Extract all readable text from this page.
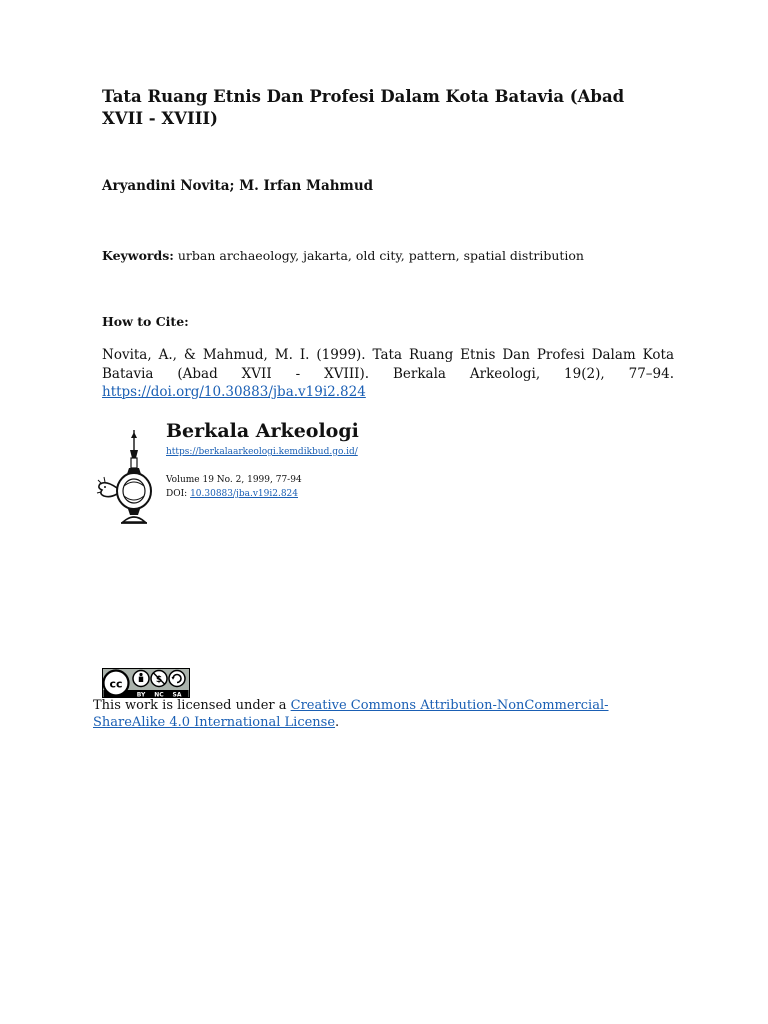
Tata Ruang Etnis Dan Profesi Dalam Kota Batavia (Abad XVII - XVIII)

Aryandini Novita; M. Irfan Mahmud

Keywords: urban archaeology, jakarta, old city, pattern, spatial distribution

How to Cite:

Novita, A., & Mahmud, M. I. (1999). Tata Ruang Etnis Dan Profesi Dalam Kota Batavia (Abad XVII - XVIII). Berkala Arkeologi, 19(2), 77–94. https://doi.org/10.30883/jba.v19i2.824

Berkala Arkeologi

https://berkalaarkeologi.kemdikbud.go.id/

Volume 19 No. 2, 1999, 77-94

DOI: 10.30883/jba.v19i2.824

cc	$
BY NC SA

This work is licensed under a Creative Commons Attribution-NonCommercial-ShareAlike 4.0 International License.
